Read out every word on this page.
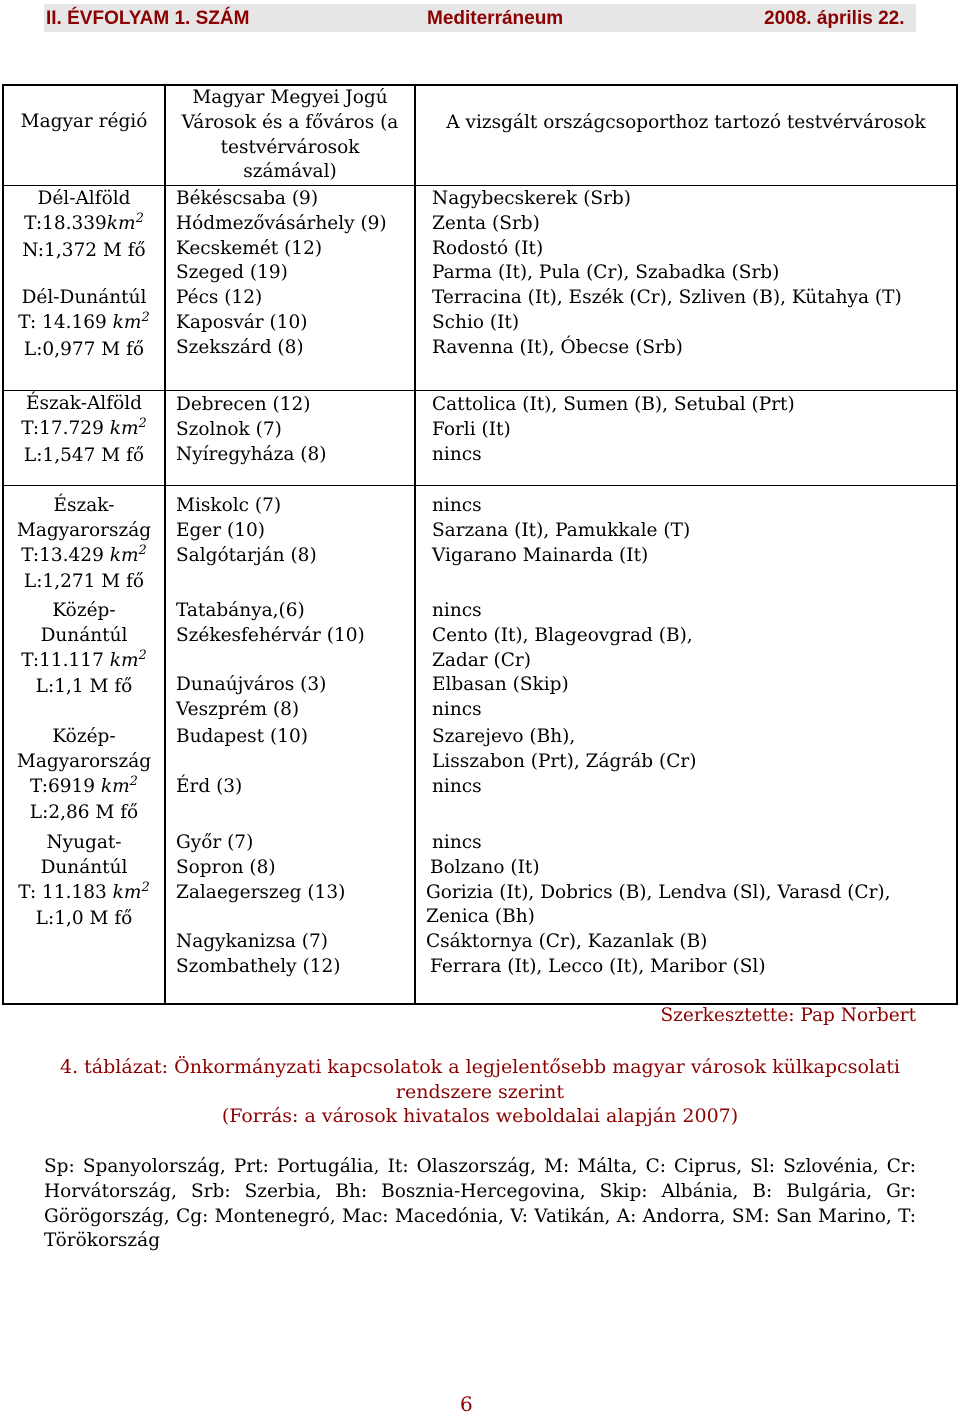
II. ÉVFOLYAM 1. SZÁM	Mediterráneum	2008. április 22.
Magyar régió
Magyar Megyei Jogú
Városok és a főváros (a
testvérvárosok
számával)
A vizsgált országcsoporthoz tartozó testvérvárosok
Dél-Alföld
$T:18.339km^2$
N:1,372 M fő
Békéscsaba (9)
Hódmezővásárhely (9)
Kecskemét (12)
Szeged (19)
Nagybecskerek (Srb)
Zenta (Srb)
Rodostó (It)
Parma (It), Pula (Cr), Szabadka (Srb)
Dél-Dunántúl
T: 14.169 $km^2$
L:0,977 M fő
Pécs (12)
Kaposvár (10)
Szekszárd (8)
Terracina (It), Eszék (Cr), Szliven (B), Kütahya (T)
Schio (It)
Ravenna (It), Óbecse (Srb)
Észak-Alföld
T:17.729 $km^2$
L:1,547 M fő
Debrecen (12)
Szolnok (7)
Nyíregyháza (8)
Cattolica (It), Sumen (B), Setubal (Prt)
Forli (It)
nincs
Észak-
Magyarország
T:13.429 $km^2$
L:1,271 M fő
Miskolc (7)
Eger (10)
Salgótarján (8)
nincs
Sarzana (It), Pamukkale (T)
Vigarano Mainarda (It)
Közép-
Dunántúl
T:11.117 $km^2$
L:1,1 M fő
Tatabánya,(6)
Székesfehérvár (10)

Dunaújváros (3)
Veszprém (8)
nincs
Cento (It), Blageovgrad (B),
Zadar (Cr)
Elbasan (Skip)
nincs
Közép-
Magyarország
T:6919 $km^2$
L:2,86 M fő
Budapest (10)

Érd (3)
Szarejevo (Bh),
Lisszabon (Prt), Zágráb (Cr)
nincs
Nyugat-
Dunántúl
T: 11.183 $km^2$
L:1,0 M fő
Győr (7)
Sopron (8)
Zalaegerszeg (13)

Nagykanizsa (7)
Szombathely (12)
nincs
Bolzano (It)
Gorizia (It), Dobrics (B), Lendva (Sl), Varasd (Cr),
Zenica (Bh)
Csáktornya (Cr), Kazanlak (B)
Ferrara (It), Lecco (It), Maribor (Sl)
Szerkesztette: Pap Norbert
4. táblázat: Önkormányzati kapcsolatok a legjelentősebb magyar városok külkapcsolati
rendszere szerint
(Forrás: a városok hivatalos weboldalai alapján 2007)
Sp: Spanyolország, Prt: Portugália, It: Olaszország, M: Málta, C: Ciprus, Sl: Szlovénia, Cr: Horvátország, Srb: Szerbia, Bh: Bosznia-Hercegovina, Skip: Albánia, B: Bulgária, Gr: Görögország, Cg: Montenegró, Mac: Macedónia, V: Vatikán, A: Andorra, SM: San Marino, T: Törökország
6
